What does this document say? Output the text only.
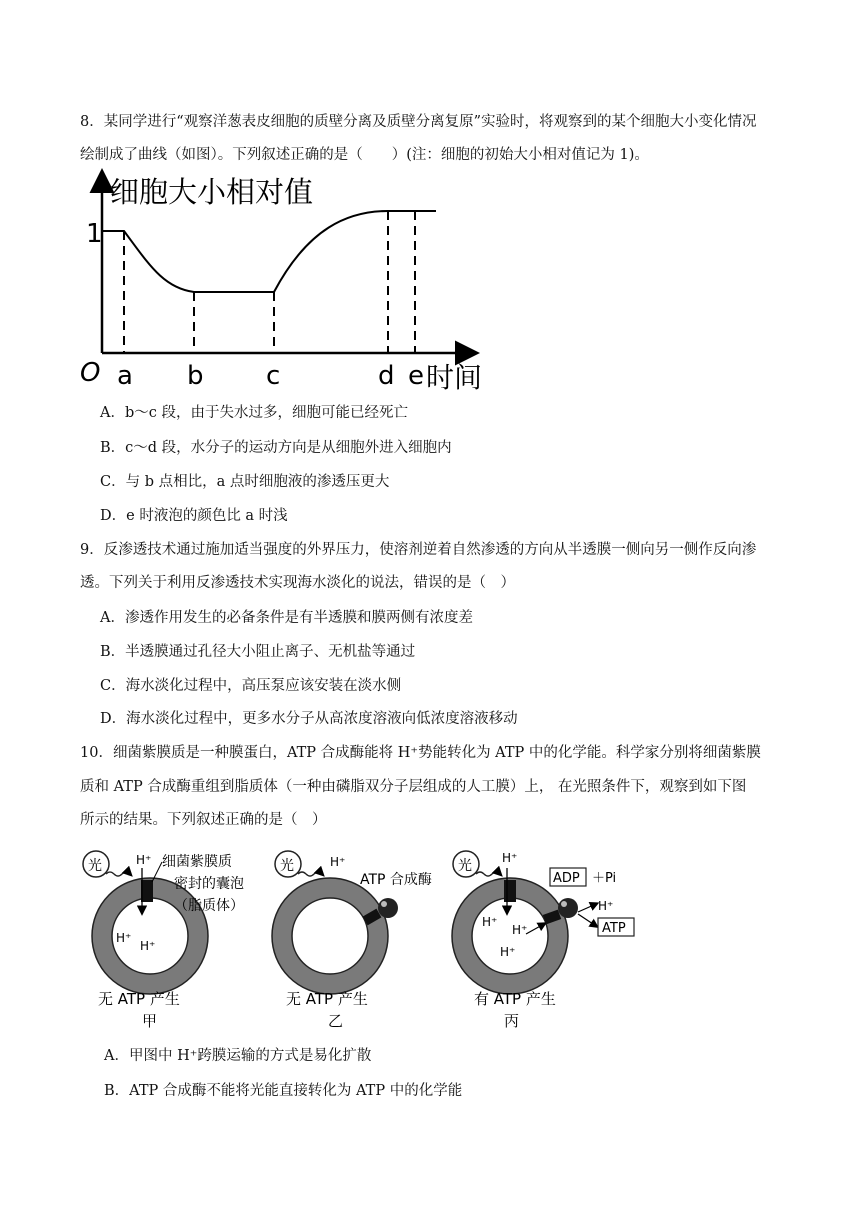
8．某同学进行“观察洋葱表皮细胞的质壁分离及质壁分离复原”实验时，将观察到的某个细胞大小变化情况
绘制成了曲线（如图）。下列叙述正确的是（　　）(注：细胞的初始大小相对值记为 1)。
细胞大小相对值
1
O a b c	d e 时间
A．b～c 段，由于失水过多，细胞可能已经死亡
B．c～d 段，水分子的运动方向是从细胞外进入细胞内
C．与 b 点相比，a 点时细胞液的渗透压更大
D．e 时液泡的颜色比 a 时浅
9．反渗透技术通过施加适当强度的外界压力，使溶剂逆着自然渗透的方向从半透膜一侧向另一侧作反向渗
透。下列关于利用反渗透技术实现海水淡化的说法，错误的是（　）
A．渗透作用发生的必备条件是有半透膜和膜两侧有浓度差
B．半透膜通过孔径大小阻止离子、无机盐等通过
C．海水淡化过程中，高压泵应该安装在淡水侧
D．海水淡化过程中，更多水分子从高浓度溶液向低浓度溶液移动
10．细菌紫膜质是一种膜蛋白，ATP 合成酶能将 H⁺势能转化为 ATP 中的化学能。科学家分别将细菌紫膜
质和 ATP 合成酶重组到脂质体（一种由磷脂双分子层组成的人工膜）上， 在光照条件下，观察到如下图
所示的结果。下列叙述正确的是（　）
光	H⁺ 细菌紫膜质
密封的囊泡
（脂质体）
H⁺
H⁺
无 ATP 产生
甲
光	H⁺
ATP 合成酶
无 ATP 产生
乙
光	H⁺
H⁺
H⁺
H⁺
ADP ＋Pi
H⁺
ATP
有 ATP 产生
丙
A．甲图中 H⁺跨膜运输的方式是易化扩散
B．ATP 合成酶不能将光能直接转化为 ATP 中的化学能
